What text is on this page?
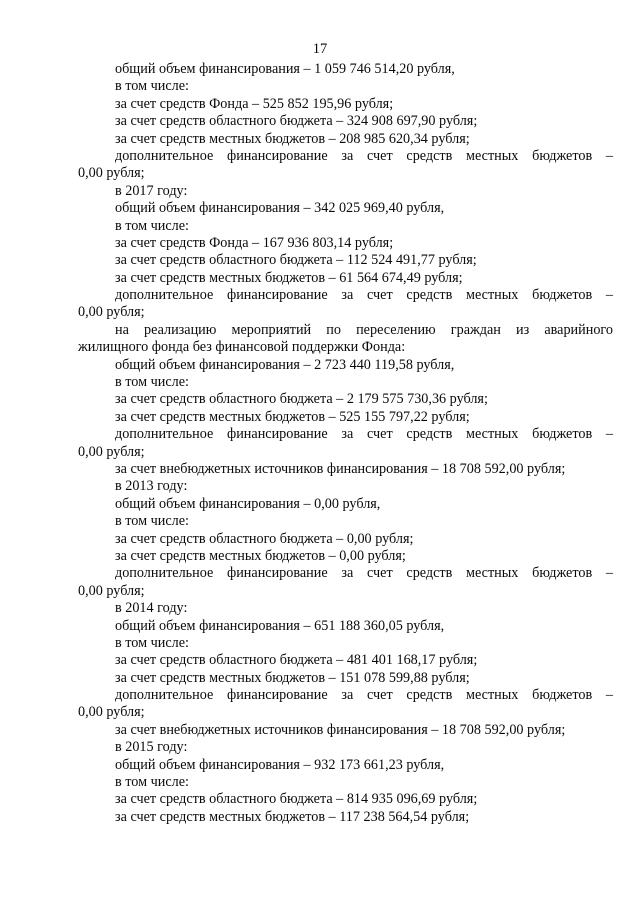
17
общий объем финансирования – 1 059 746 514,20 рубля,
в том числе:
за счет средств Фонда – 525 852 195,96 рубля;
за счет средств областного бюджета – 324 908 697,90 рубля;
за счет средств местных бюджетов – 208 985 620,34 рубля;
дополнительное финансирование за счет средств местных бюджетов –
0,00 рубля;
в 2017 году:
общий объем финансирования – 342 025 969,40 рубля,
в том числе:
за счет средств Фонда – 167 936 803,14 рубля;
за счет средств областного бюджета – 112 524 491,77 рубля;
за счет средств местных бюджетов – 61 564 674,49 рубля;
дополнительное финансирование за счет средств местных бюджетов –
0,00 рубля;
на реализацию мероприятий по переселению граждан из аварийного
жилищного фонда без финансовой поддержки Фонда:
общий объем финансирования – 2 723 440 119,58 рубля,
в том числе:
за счет средств областного бюджета – 2 179 575 730,36 рубля;
за счет средств местных бюджетов – 525 155 797,22 рубля;
дополнительное финансирование за счет средств местных бюджетов –
0,00 рубля;
за счет внебюджетных источников финансирования – 18 708 592,00 рубля;
в 2013 году:
общий объем финансирования – 0,00 рубля,
в том числе:
за счет средств областного бюджета – 0,00 рубля;
за счет средств местных бюджетов – 0,00 рубля;
дополнительное финансирование за счет средств местных бюджетов –
0,00 рубля;
в 2014 году:
общий объем финансирования – 651 188 360,05 рубля,
в том числе:
за счет средств областного бюджета – 481 401 168,17 рубля;
за счет средств местных бюджетов – 151 078 599,88 рубля;
дополнительное финансирование за счет средств местных бюджетов –
0,00 рубля;
за счет внебюджетных источников финансирования – 18 708 592,00 рубля;
в 2015 году:
общий объем финансирования – 932 173 661,23 рубля,
в том числе:
за счет средств областного бюджета – 814 935 096,69 рубля;
за счет средств местных бюджетов – 117 238 564,54 рубля;
